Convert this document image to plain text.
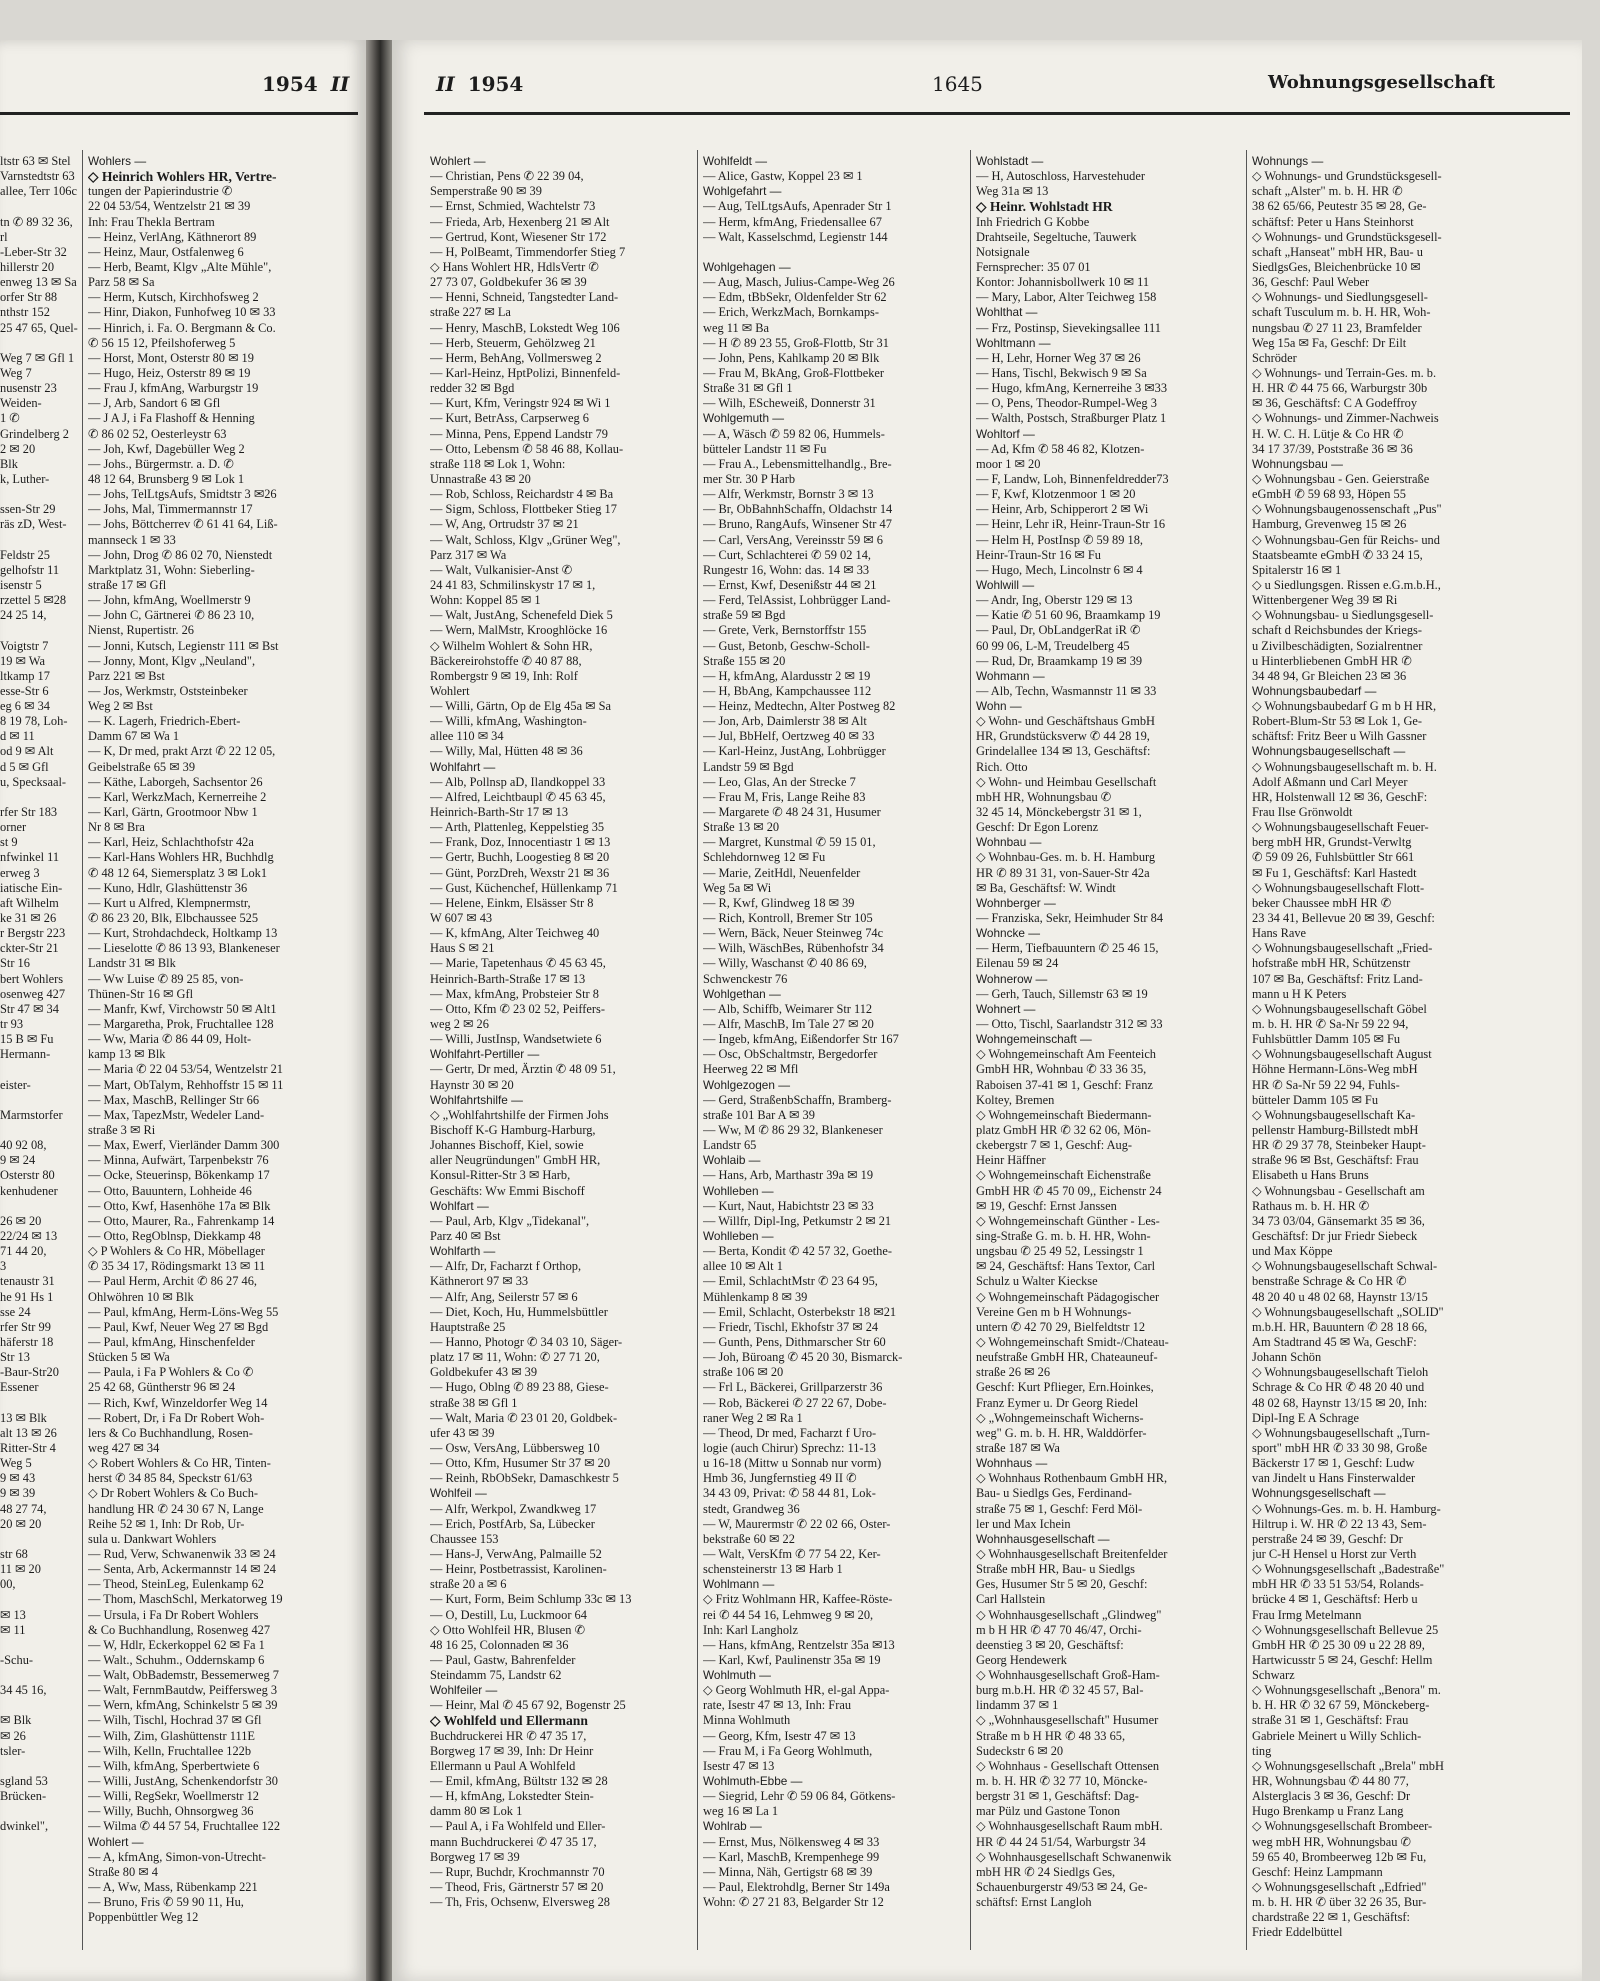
1954 II	II 1954	1645	Wohnungsgesellschaft
ltstr 63 ✉ Stel
Varnstedtstr 63
allee, Terr 106c
tn ✆ 89 32 36,
rl
-Leber-Str 32
hillerstr 20
enweg 13 ✉ Sa
orfer Str 88
nthstr 152
25 47 65, Quel-
Weg 7 ✉ Gfl 1
Weg 7
nusenstr 23
Weiden-
1 ✆
Grindelberg 2
2 ✉ 20
Blk
k, Luther-
ssen-Str 29
räs zD, West-
Feldstr 25
gelhofstr 11
isenstr 5
rzettel 5 ✉28
24 25 14,
Voigtstr 7
19 ✉ Wa
ltkamp 17
esse-Str 6
eg 6 ✉ 34
8 19 78, Loh-
d ✉ 11
od 9 ✉ Alt
d 5 ✉ Gfl
u, Specksaal-
rfer Str 183
orner
st 9
nfwinkel 11
erweg 3
iatische Ein-
aft Wilhelm
ke 31 ✉ 26
r Bergstr 223
ckter-Str 21
Str 16
bert Wohlers
osenweg 427
Str 47 ✉ 34
tr 93
15 B ✉ Fu
Hermann-
eister-
Marmstorfer
40 92 08,
9 ✉ 24
Osterstr 80
kenhudener
26 ✉ 20
22/24 ✉ 13
71 44 20,
3
tenaustr 31
he 91 Hs 1
sse 24
rfer Str 99
häferstr 18
Str 13
-Baur-Str20
Essener
13 ✉ Blk
alt 13 ✉ 26
Ritter-Str 4
Weg 5
9 ✉ 43
9 ✉ 39
48 27 74,
20 ✉ 20
str 68
11 ✉ 20
00,
✉ 13
✉ 11
-Schu-
34 45 16,
✉ Blk
✉ 26
tsler-
sgland 53
Brücken-
dwinkel",
Wohlers —
◇ Heinrich Wohlers HR, Vertre-
tungen der Papierindustrie ✆
22 04 53/54, Wentzelstr 21 ✉ 39
Inh: Frau Thekla Bertram
— Heinz, VerlAng, Käthnerort 89
— Heinz, Maur, Ostfalenweg 6
— Herb, Beamt, Klgv „Alte Mühle",
Parz 58 ✉ Sa
— Herm, Kutsch, Kirchhofsweg 2
— Hinr, Diakon, Funhofweg 10 ✉ 33
— Hinrich, i. Fa. O. Bergmann & Co.
✆ 56 15 12, Pfeilshoferweg 5
— Horst, Mont, Osterstr 80 ✉ 19
— Hugo, Heiz, Osterstr 89 ✉ 19
— Frau J, kfmAng, Warburgstr 19
— J, Arb, Sandort 6 ✉ Gfl
— J A J, i Fa Flashoff & Henning
✆ 86 02 52, Oesterleystr 63
— Joh, Kwf, Dagebüller Weg 2
— Johs., Bürgermstr. a. D. ✆
48 12 64, Brunsberg 9 ✉ Lok 1
— Johs, TelLtgsAufs, Smidtstr 3 ✉26
— Johs, Mal, Timmermannstr 17
— Johs, Böttcherrev ✆ 61 41 64, Liß-
mannseck 1 ✉ 33
— John, Drog ✆ 86 02 70, Nienstedt
Marktplatz 31, Wohn: Sieberling-
straße 17 ✉ Gfl
— John, kfmAng, Woellmerstr 9
— John C, Gärtnerei ✆ 86 23 10,
Nienst, Rupertistr. 26
— Jonni, Kutsch, Legienstr 111 ✉ Bst
— Jonny, Mont, Klgv „Neuland",
Parz 221 ✉ Bst
— Jos, Werkmstr, Oststeinbeker
Weg 2 ✉ Bst
— K. Lagerh, Friedrich-Ebert-
Damm 67 ✉ Wa 1
— K, Dr med, prakt Arzt ✆ 22 12 05,
Geibelstraße 65 ✉ 39
— Käthe, Laborgeh, Sachsentor 26
— Karl, WerkzMach, Kernerreihe 2
— Karl, Gärtn, Grootmoor Nbw 1
Nr 8 ✉ Bra
— Karl, Heiz, Schlachthofstr 42a
— Karl-Hans Wohlers HR, Buchhdlg
✆ 48 12 64, Siemersplatz 3 ✉ Lok1
— Kuno, Hdlr, Glashüttenstr 36
— Kurt u Alfred, Klempnermstr,
✆ 86 23 20, Blk, Elbchaussee 525
— Kurt, Strohdachdeck, Holtkamp 13
— Lieselotte ✆ 86 13 93, Blankeneser
Landstr 31 ✉ Blk
— Ww Luise ✆ 89 25 85, von-
Thünen-Str 16 ✉ Gfl
— Manfr, Kwf, Virchowstr 50 ✉ Alt1
— Margaretha, Prok, Fruchtallee 128
— Ww, Maria ✆ 86 44 09, Holt-
kamp 13 ✉ Blk
— Maria ✆ 22 04 53/54, Wentzelstr 21
— Mart, ObTalym, Rehhoffstr 15 ✉ 11
— Max, MaschB, Rellinger Str 66
— Max, TapezMstr, Wedeler Land-
straße 3 ✉ Ri
— Max, Ewerf, Vierländer Damm 300
— Minna, Aufwärt, Tarpenbekstr 76
— Ocke, Steuerinsp, Bökenkamp 17
— Otto, Bauuntern, Lohheide 46
— Otto, Kwf, Hasenhöhe 17a ✉ Blk
— Otto, Maurer, Ra., Fahrenkamp 14
— Otto, RegOblnsp, Diekkamp 48
◇ P Wohlers & Co HR, Möbellager
✆ 35 34 17, Rödingsmarkt 13 ✉ 11
— Paul Herm, Archit ✆ 86 27 46,
Ohlwöhren 10 ✉ Blk
— Paul, kfmAng, Herm-Löns-Weg 55
— Paul, Kwf, Neuer Weg 27 ✉ Bgd
— Paul, kfmAng, Hinschenfelder
Stücken 5 ✉ Wa
— Paula, i Fa P Wohlers & Co ✆
25 42 68, Güntherstr 96 ✉ 24
— Rich, Kwf, Winzeldorfer Weg 14
— Robert, Dr, i Fa Dr Robert Woh-
lers & Co Buchhandlung, Rosen-
weg 427 ✉ 34
◇ Robert Wohlers & Co HR, Tinten-
herst ✆ 34 85 84, Speckstr 61/63
◇ Dr Robert Wohlers & Co Buch-
handlung HR ✆ 24 30 67 N, Lange
Reihe 52 ✉ 1, Inh: Dr Rob, Ur-
sula u. Dankwart Wohlers
— Rud, Verw, Schwanenwik 33 ✉ 24
— Senta, Arb, Ackermannstr 14 ✉ 24
— Theod, SteinLeg, Eulenkamp 62
— Thom, MaschSchl, Merkatorweg 19
— Ursula, i Fa Dr Robert Wohlers
& Co Buchhandlung, Rosenweg 427
— W, Hdlr, Eckerkoppel 62 ✉ Fa 1
— Walt., Schuhm., Oddernskamp 6
— Walt, ObBademstr, Bessemerweg 7
— Walt, FernmBautdw, Peiffersweg 3
— Wern, kfmAng, Schinkelstr 5 ✉ 39
— Wilh, Tischl, Hochrad 37 ✉ Gfl
— Wilh, Zim, Glashüttenstr 111E
— Wilh, Kelln, Fruchtallee 122b
— Wilh, kfmAng, Sperbertwiete 6
— Willi, JustAng, Schenkendorfstr 30
— Willi, RegSekr, Woellmerstr 12
— Willy, Buchh, Ohnsorgweg 36
— Wilma ✆ 44 57 54, Fruchtallee 122
Wohlert —
— A, kfmAng, Simon-von-Utrecht-
Straße 80 ✉ 4
— A, Ww, Mass, Rübenkamp 221
— Bruno, Fris ✆ 59 90 11, Hu,
Poppenbüttler Weg 12
Wohlert —
— Christian, Pens ✆ 22 39 04,
Semperstraße 90 ✉ 39
— Ernst, Schmied, Wachtelstr 73
— Frieda, Arb, Hexenberg 21 ✉ Alt
— Gertrud, Kont, Wiesener Str 172
— H, PolBeamt, Timmendorfer Stieg 7
◇ Hans Wohlert HR, HdlsVertr ✆
27 73 07, Goldbekufer 36 ✉ 39
— Henni, Schneid, Tangstedter Land-
straße 227 ✉ La
— Henry, MaschB, Lokstedt Weg 106
— Herb, Steuerm, Gehölzweg 21
— Herm, BehAng, Vollmersweg 2
— Karl-Heinz, HptPolizi, Binnenfeld-
redder 32 ✉ Bgd
— Kurt, Kfm, Veringstr 924 ✉ Wi 1
— Kurt, BetrAss, Carpserweg 6
— Minna, Pens, Eppend Landstr 79
— Otto, Lebensm ✆ 58 46 88, Kollau-
straße 118 ✉ Lok 1, Wohn:
Unnastraße 43 ✉ 20
— Rob, Schloss, Reichardstr 4 ✉ Ba
— Sigm, Schloss, Flottbeker Stieg 17
— W, Ang, Ortrudstr 37 ✉ 21
— Walt, Schloss, Klgv „Grüner Weg",
Parz 317 ✉ Wa
— Walt, Vulkanisier-Anst ✆
24 41 83, Schmilinskystr 17 ✉ 1,
Wohn: Koppel 85 ✉ 1
— Walt, JustAng, Schenefeld Diek 5
— Wern, MalMstr, Krooghlöcke 16
◇ Wilhelm Wohlert & Sohn HR,
Bäckereirohstoffe ✆ 40 87 88,
Rombergstr 9 ✉ 19, Inh: Rolf
Wohlert
— Willi, Gärtn, Op de Elg 45a ✉ Sa
— Willi, kfmAng, Washington-
allee 110 ✉ 34
— Willy, Mal, Hütten 48 ✉ 36
Wohlfahrt —
— Alb, Pollnsp aD, Ilandkoppel 33
— Alfred, Leichtbaupl ✆ 45 63 45,
Heinrich-Barth-Str 17 ✉ 13
— Arth, Plattenleg, Keppelstieg 35
— Frank, Doz, Innocentiastr 1 ✉ 13
— Gertr, Buchh, Loogestieg 8 ✉ 20
— Günt, PorzDreh, Wexstr 21 ✉ 36
— Gust, Küchenchef, Hüllenkamp 71
— Helene, Einkm, Elsässer Str 8
W 607 ✉ 43
— K, kfmAng, Alter Teichweg 40
Haus S ✉ 21
— Marie, Tapetenhaus ✆ 45 63 45,
Heinrich-Barth-Straße 17 ✉ 13
— Max, kfmAng, Probsteier Str 8
— Otto, Kfm ✆ 23 02 52, Peiffers-
weg 2 ✉ 26
— Willi, JustInsp, Wandsetwiete 6
Wohlfahrt-Pertiller —
— Gertr, Dr med, Ärztin ✆ 48 09 51,
Haynstr 30 ✉ 20
Wohlfahrtshilfe —
◇ „Wohlfahrtshilfe der Firmen Johs
Bischoff K-G Hamburg-Harburg,
Johannes Bischoff, Kiel, sowie
aller Neugründungen" GmbH HR,
Konsul-Ritter-Str 3 ✉ Harb,
Geschäfts: Ww Emmi Bischoff
Wohlfart —
— Paul, Arb, Klgv „Tidekanal",
Parz 40 ✉ Bst
Wohlfarth —
— Alfr, Dr, Facharzt f Orthop,
Käthnerort 97 ✉ 33
— Alfr, Ang, Seilerstr 57 ✉ 6
— Diet, Koch, Hu, Hummelsbüttler
Hauptstraße 25
— Hanno, Photogr ✆ 34 03 10, Säger-
platz 17 ✉ 11, Wohn: ✆ 27 71 20,
Goldbekufer 43 ✉ 39
— Hugo, Oblng ✆ 89 23 88, Giese-
straße 38 ✉ Gfl 1
— Walt, Maria ✆ 23 01 20, Goldbek-
ufer 43 ✉ 39
— Osw, VersAng, Lübbersweg 10
— Otto, Kfm, Husumer Str 37 ✉ 20
— Reinh, RbObSekr, Damaschkestr 5
Wohlfeil —
— Alfr, Werkpol, Zwandkweg 17
— Erich, PostfArb, Sa, Lübecker
Chaussee 153
— Hans-J, VerwAng, Palmaille 52
— Heinr, Postbetrassist, Karolinen-
straße 20 a ✉ 6
— Kurt, Form, Beim Schlump 33c ✉ 13
— O, Destill, Lu, Luckmoor 64
◇ Otto Wohlfeil HR, Blusen ✆
48 16 25, Colonnaden ✉ 36
— Paul, Gastw, Bahrenfelder
Steindamm 75, Landstr 62
Wohlfeiler —
— Heinr, Mal ✆ 45 67 92, Bogenstr 25
◇ Wohlfeld und Ellermann
Buchdruckerei HR ✆ 47 35 17,
Borgweg 17 ✉ 39, Inh: Dr Heinr
Ellermann u Paul A Wohlfeld
— Emil, kfmAng, Bültstr 132 ✉ 28
— H, kfmAng, Lokstedter Stein-
damm 80 ✉ Lok 1
— Paul A, i Fa Wohlfeld und Eller-
mann Buchdruckerei ✆ 47 35 17,
Borgweg 17 ✉ 39
— Rupr, Buchdr, Krochmannstr 70
— Theod, Fris, Gärtnerstr 57 ✉ 20
— Th, Fris, Ochsenw, Elversweg 28
Wohlfeldt —
— Alice, Gastw, Koppel 23 ✉ 1
Wohlgefahrt —
— Aug, TelLtgsAufs, Apenrader Str 1
— Herm, kfmAng, Friedensallee 67
— Walt, Kasselschmd, Legienstr 144
Wohlgehagen —
— Aug, Masch, Julius-Campe-Weg 26
— Edm, tBbSekr, Oldenfelder Str 62
— Erich, WerkzMach, Bornkamps-
weg 11 ✉ Ba
— H ✆ 89 23 55, Groß-Flottb, Str 31
— John, Pens, Kahlkamp 20 ✉ Blk
— Frau M, BkAng, Groß-Flottbeker
Straße 31 ✉ Gfl 1
— Wilh, EScheweiß, Donnerstr 31
Wohlgemuth —
— A, Wäsch ✆ 59 82 06, Hummels-
bütteler Landstr 11 ✉ Fu
— Frau A., Lebensmittelhandlg., Bre-
mer Str. 30 P Harb
— Alfr, Werkmstr, Bornstr 3 ✉ 13
— Br, ObBahnhSchaffn, Oldachstr 14
— Bruno, RangAufs, Winsener Str 47
— Carl, VersAng, Vereinsstr 59 ✉ 6
— Curt, Schlachterei ✆ 59 02 14,
Rungestr 16, Wohn: das. 14 ✉ 33
— Ernst, Kwf, Desenißstr 44 ✉ 21
— Ferd, TelAssist, Lohbrügger Land-
straße 59 ✉ Bgd
— Grete, Verk, Bernstorffstr 155
— Gust, Betonb, Geschw-Scholl-
Straße 155 ✉ 20
— H, kfmAng, Alardusstr 2 ✉ 19
— H, BbAng, Kampchaussee 112
— Heinz, Medtechn, Alter Postweg 82
— Jon, Arb, Daimlerstr 38 ✉ Alt
— Jul, BbHelf, Oertzweg 40 ✉ 33
— Karl-Heinz, JustAng, Lohbrügger
Landstr 59 ✉ Bgd
— Leo, Glas, An der Strecke 7
— Frau M, Fris, Lange Reihe 83
— Margarete ✆ 48 24 31, Husumer
Straße 13 ✉ 20
— Margret, Kunstmal ✆ 59 15 01,
Schlehdornweg 12 ✉ Fu
— Marie, ZeitHdl, Neuenfelder
Weg 5a ✉ Wi
— R, Kwf, Glindweg 18 ✉ 39
— Rich, Kontroll, Bremer Str 105
— Wern, Bäck, Neuer Steinweg 74c
— Wilh, WäschBes, Rübenhofstr 34
— Willy, Waschanst ✆ 40 86 69,
Schwenckestr 76
Wohlgethan —
— Alb, Schiffb, Weimarer Str 112
— Alfr, MaschB, Im Tale 27 ✉ 20
— Ingeb, kfmAng, Eißendorfer Str 167
— Osc, ObSchaltmstr, Bergedorfer
Heerweg 22 ✉ Mfl
Wohlgezogen —
— Gerd, StraßenbSchaffn, Bramberg-
straße 101 Bar A ✉ 39
— Ww, M ✆ 86 29 32, Blankeneser
Landstr 65
Wohlaib —
— Hans, Arb, Marthastr 39a ✉ 19
Wohlleben —
— Kurt, Naut, Habichtstr 23 ✉ 33
— Willfr, Dipl-Ing, Petkumstr 2 ✉ 21
Wohlleben —
— Berta, Kondit ✆ 42 57 32, Goethe-
allee 10 ✉ Alt 1
— Emil, SchlachtMstr ✆ 23 64 95,
Mühlenkamp 8 ✉ 39
— Emil, Schlacht, Osterbekstr 18 ✉21
— Friedr, Tischl, Ekhofstr 37 ✉ 24
— Gunth, Pens, Dithmarscher Str 60
— Joh, Büroang ✆ 45 20 30, Bismarck-
straße 106 ✉ 20
— Frl L, Bäckerei, Grillparzerstr 36
— Rob, Bäckerei ✆ 27 22 67, Dobe-
raner Weg 2 ✉ Ra 1
— Theod, Dr med, Facharzt f Uro-
logie (auch Chirur) Sprechz: 11-13
u 16-18 (Mittw u Sonnab nur vorm)
Hmb 36, Jungfernstieg 49 II ✆
34 43 09, Privat: ✆ 58 44 81, Lok-
stedt, Grandweg 36
— W, Maurermstr ✆ 22 02 66, Oster-
bekstraße 60 ✉ 22
— Walt, VersKfm ✆ 77 54 22, Ker-
schensteinerstr 13 ✉ Harb 1
Wohlmann —
◇ Fritz Wohlmann HR, Kaffee-Röste-
rei ✆ 44 54 16, Lehmweg 9 ✉ 20,
Inh: Karl Langholz
— Hans, kfmAng, Rentzelstr 35a ✉13
— Karl, Kwf, Paulinenstr 35a ✉ 19
Wohlmuth —
◇ Georg Wohlmuth HR, el-gal Appa-
rate, Isestr 47 ✉ 13, Inh: Frau
Minna Wohlmuth
— Georg, Kfm, Isestr 47 ✉ 13
— Frau M, i Fa Georg Wohlmuth,
Isestr 47 ✉ 13
Wohlmuth-Ebbe —
— Siegrid, Lehr ✆ 59 06 84, Götkens-
weg 16 ✉ La 1
Wohlrab —
— Ernst, Mus, Nölkensweg 4 ✉ 33
— Karl, MaschB, Krempenhege 99
— Minna, Näh, Gertigstr 68 ✉ 39
— Paul, Elektrohdlg, Berner Str 149a
Wohn: ✆ 27 21 83, Belgarder Str 12
Wohlstadt —
— H, Autoschloss, Harvestehuder
Weg 31a ✉ 13
◇ Heinr. Wohlstadt HR
Inh Friedrich G Kobbe
Drahtseile, Segeltuche, Tauwerk
Notsignale
Fernsprecher: 35 07 01
Kontor: Johannisbollwerk 10 ✉ 11
— Mary, Labor, Alter Teichweg 158
Wohlthat —
— Frz, Postinsp, Sievekingsallee 111
Wohltmann —
— H, Lehr, Horner Weg 37 ✉ 26
— Hans, Tischl, Bekwisch 9 ✉ Sa
— Hugo, kfmAng, Kernerreihe 3 ✉33
— O, Pens, Theodor-Rumpel-Weg 3
— Walth, Postsch, Straßburger Platz 1
Wohltorf —
— Ad, Kfm ✆ 58 46 82, Klotzen-
moor 1 ✉ 20
— F, Landw, Loh, Binnenfeldredder73
— F, Kwf, Klotzenmoor 1 ✉ 20
— Heinr, Arb, Schipperort 2 ✉ Wi
— Heinr, Lehr iR, Heinr-Traun-Str 16
— Helm H, PostInsp ✆ 59 89 18,
Heinr-Traun-Str 16 ✉ Fu
— Hugo, Mech, Lincolnstr 6 ✉ 4
Wohlwill —
— Andr, Ing, Oberstr 129 ✉ 13
— Katie ✆ 51 60 96, Braamkamp 19
— Paul, Dr, ObLandgerRat iR ✆
60 99 06, L-M, Treudelberg 45
— Rud, Dr, Braamkamp 19 ✉ 39
Wohmann —
— Alb, Techn, Wasmannstr 11 ✉ 33
Wohn —
◇ Wohn- und Geschäftshaus GmbH
HR, Grundstücksverw ✆ 44 28 19,
Grindelallee 134 ✉ 13, Geschäftsf:
Rich. Otto
◇ Wohn- und Heimbau Gesellschaft
mbH HR, Wohnungsbau ✆
32 45 14, Mönckebergstr 31 ✉ 1,
Geschf: Dr Egon Lorenz
Wohnbau —
◇ Wohnbau-Ges. m. b. H. Hamburg
HR ✆ 89 31 31, von-Sauer-Str 42a
✉ Ba, Geschäftsf: W. Windt
Wohnberger —
— Franziska, Sekr, Heimhuder Str 84
Wohncke —
— Herm, Tiefbauuntern ✆ 25 46 15,
Eilenau 59 ✉ 24
Wohnerow —
— Gerh, Tauch, Sillemstr 63 ✉ 19
Wohnert —
— Otto, Tischl, Saarlandstr 312 ✉ 33
Wohngemeinschaft —
◇ Wohngemeinschaft Am Feenteich
GmbH HR, Wohnbau ✆ 33 36 35,
Raboisen 37-41 ✉ 1, Geschf: Franz
Koltey, Bremen
◇ Wohngemeinschaft Biedermann-
platz GmbH HR ✆ 32 62 06, Mön-
ckebergstr 7 ✉ 1, Geschf: Aug-
Heinr Häffner
◇ Wohngemeinschaft Eichenstraße
GmbH HR ✆ 45 70 09,, Eichenstr 24
✉ 19, Geschf: Ernst Janssen
◇ Wohngemeinschaft Günther - Les-
sing-Straße G. m. b. H. HR, Wohn-
ungsbau ✆ 25 49 52, Lessingstr 1
✉ 24, Geschäftsf: Hans Textor, Carl
Schulz u Walter Kieckse
◇ Wohngemeinschaft Pädagogischer
Vereine Gen m b H Wohnungs-
untern ✆ 42 70 29, Bielfeldtstr 12
◇ Wohngemeinschaft Smidt-/Chateau-
neufstraße GmbH HR, Chateauneuf-
straße 26 ✉ 26
Geschf: Kurt Pflieger, Ern.Hoinkes,
Franz Eymer u. Dr Georg Riedel
◇ „Wohngemeinschaft Wicherns-
weg" G. m. b. H. HR, Walddörfer-
straße 187 ✉ Wa
Wohnhaus —
◇ Wohnhaus Rothenbaum GmbH HR,
Bau- u Siedlgs Ges, Ferdinand-
straße 75 ✉ 1, Geschf: Ferd Möl-
ler und Max Ichein
Wohnhausgesellschaft —
◇ Wohnhausgesellschaft Breitenfelder
Straße mbH HR, Bau- u Siedlgs
Ges, Husumer Str 5 ✉ 20, Geschf:
Carl Hallstein
◇ Wohnhausgesellschaft „Glindweg"
m b H HR ✆ 47 70 46/47, Orchi-
deenstieg 3 ✉ 20, Geschäftsf:
Georg Hendewerk
◇ Wohnhausgesellschaft Groß-Ham-
burg m.b.H. HR ✆ 32 45 57, Bal-
lindamm 37 ✉ 1
◇ „Wohnhausgesellschaft" Husumer
Straße m b H HR ✆ 48 33 65,
Sudeckstr 6 ✉ 20
◇ Wohnhaus - Gesellschaft Ottensen
m. b. H. HR ✆ 32 77 10, Möncke-
bergstr 31 ✉ 1, Geschäftsf: Dag-
mar Pülz und Gastone Tonon
◇ Wohnhausgesellschaft Raum mbH.
HR ✆ 44 24 51/54, Warburgstr 34
◇ Wohnhausgesellschaft Schwanenwik
mbH HR ✆ 24 Siedlgs Ges,
Schauenburgerstr 49/53 ✉ 24, Ge-
schäftsf: Ernst Langloh
Wohnungs —
◇ Wohnungs- und Grundstücksgesell-
schaft „Alster" m. b. H. HR ✆
38 62 65/66, Peutestr 35 ✉ 28, Ge-
schäftsf: Peter u Hans Steinhorst
◇ Wohnungs- und Grundstücksgesell-
schaft „Hanseat" mbH HR, Bau- u
SiedlgsGes, Bleichenbrücke 10 ✉
36, Geschf: Paul Weber
◇ Wohnungs- und Siedlungsgesell-
schaft Tusculum m. b. H. HR, Woh-
nungsbau ✆ 27 11 23, Bramfelder
Weg 15a ✉ Fa, Geschf: Dr Eilt
Schröder
◇ Wohnungs- und Terrain-Ges. m. b.
H. HR ✆ 44 75 66, Warburgstr 30b
✉ 36, Geschäftsf: C A Godeffroy
◇ Wohnungs- und Zimmer-Nachweis
H. W. C. H. Lütje & Co HR ✆
34 17 37/39, Poststraße 36 ✉ 36
Wohnungsbau —
◇ Wohnungsbau - Gen. Geierstraße
eGmbH ✆ 59 68 93, Höpen 55
◇ Wohnungsbaugenossenschaft „Pus"
Hamburg, Grevenweg 15 ✉ 26
◇ Wohnungsbau-Gen für Reichs- und
Staatsbeamte eGmbH ✆ 33 24 15,
Spitalerstr 16 ✉ 1
◇ u Siedlungsgen. Rissen e.G.m.b.H.,
Wittenbergener Weg 39 ✉ Ri
◇ Wohnungsbau- u Siedlungsgesell-
schaft d Reichsbundes der Kriegs-
u Zivilbeschädigten, Sozialrentner
u Hinterbliebenen GmbH HR ✆
34 48 94, Gr Bleichen 23 ✉ 36
Wohnungsbaubedarf —
◇ Wohnungsbaubedarf G m b H HR,
Robert-Blum-Str 53 ✉ Lok 1, Ge-
schäftsf: Fritz Beer u Wilh Gassner
Wohnungsbaugesellschaft —
◇ Wohnungsbaugesellschaft m. b. H.
Adolf Aßmann und Carl Meyer
HR, Holstenwall 12 ✉ 36, GeschF:
Frau Ilse Grönwoldt
◇ Wohnungsbaugesellschaft Feuer-
berg mbH HR, Grundst-Verwltg
✆ 59 09 26, Fuhlsbüttler Str 661
✉ Fu 1, Geschäftsf: Karl Hastedt
◇ Wohnungsbaugesellschaft Flott-
beker Chaussee mbH HR ✆
23 34 41, Bellevue 20 ✉ 39, Geschf:
Hans Rave
◇ Wohnungsbaugesellschaft „Fried-
hofstraße mbH HR, Schützenstr
107 ✉ Ba, Geschäftsf: Fritz Land-
mann u H K Peters
◇ Wohnungsbaugesellschaft Göbel
m. b. H. HR ✆ Sa-Nr 59 22 94,
Fuhlsbüttler Damm 105 ✉ Fu
◇ Wohnungsbaugesellschaft August
Höhne Hermann-Löns-Weg mbH
HR ✆ Sa-Nr 59 22 94, Fuhls-
bütteler Damm 105 ✉ Fu
◇ Wohnungsbaugesellschaft Ka-
pellenstr Hamburg-Billstedt mbH
HR ✆ 29 37 78, Steinbeker Haupt-
straße 96 ✉ Bst, Geschäftsf: Frau
Elisabeth u Hans Bruns
◇ Wohnungsbau - Gesellschaft am
Rathaus m. b. H. HR ✆
34 73 03/04, Gänsemarkt 35 ✉ 36,
Geschäftsf: Dr jur Friedr Siebeck
und Max Köppe
◇ Wohnungsbaugesellschaft Schwal-
benstraße Schrage & Co HR ✆
48 20 40 u 48 02 68, Haynstr 13/15
◇ Wohnungsbaugesellschaft „SOLID"
m.b.H. HR, Bauuntern ✆ 28 18 66,
Am Stadtrand 45 ✉ Wa, GeschF:
Johann Schön
◇ Wohnungsbaugesellschaft Tieloh
Schrage & Co HR ✆ 48 20 40 und
48 02 68, Haynstr 13/15 ✉ 20, Inh:
Dipl-Ing E A Schrage
◇ Wohnungsbaugesellschaft „Turn-
sport" mbH HR ✆ 33 30 98, Große
Bäckerstr 17 ✉ 1, Geschf: Ludw
van Jindelt u Hans Finsterwalder
Wohnungsgesellschaft —
◇ Wohnungs-Ges. m. b. H. Hamburg-
Hiltrup i. W. HR ✆ 22 13 43, Sem-
perstraße 24 ✉ 39, Geschf: Dr
jur C-H Hensel u Horst zur Verth
◇ Wohnungsgesellschaft „Badestraße"
mbH HR ✆ 33 51 53/54, Rolands-
brücke 4 ✉ 1, Geschäftsf: Herb u
Frau Irmg Metelmann
◇ Wohnungsgesellschaft Bellevue 25
GmbH HR ✆ 25 30 09 u 22 28 89,
Hartwicusstr 5 ✉ 24, Geschf: Hellm
Schwarz
◇ Wohnungsgesellschaft „Benora" m.
b. H. HR ✆ 32 67 59, Mönckeberg-
straße 31 ✉ 1, Geschäftsf: Frau
Gabriele Meinert u Willy Schlich-
ting
◇ Wohnungsgesellschaft „Brela" mbH
HR, Wohnungsbau ✆ 44 80 77,
Alsterglacis 3 ✉ 36, Geschf: Dr
Hugo Brenkamp u Franz Lang
◇ Wohnungsgesellschaft Brombeer-
weg mbH HR, Wohnungsbau ✆
59 65 40, Brombeerweg 12b ✉ Fu,
Geschf: Heinz Lampmann
◇ Wohnungsgesellschaft „Edfried"
m. b. H. HR ✆ über 32 26 35, Bur-
chardstraße 22 ✉ 1, Geschäftsf:
Friedr Eddelbüttel
